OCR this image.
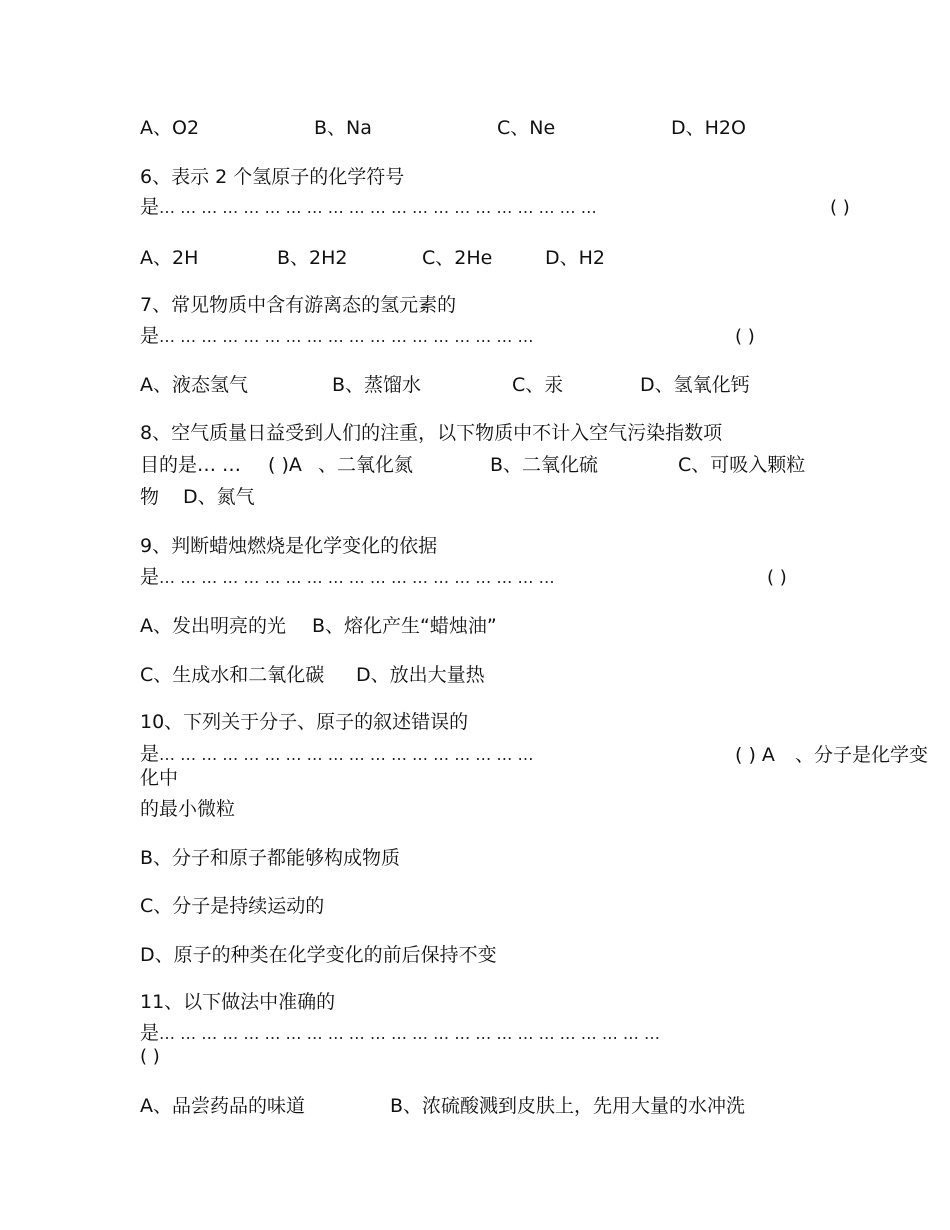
A、O2	B、Na	C、Ne	D、H2O
6、表示 2 个氢原子的化学符号
是… … … … … … … … … … … … … … … … … … … … …	( )
A、2H	B、2H2	C、2He	D、H2
7、常见物质中含有游离态的氢元素的
是… … … … … … … … … … … … … … … … … …	( )
A、液态氢气	B、蒸馏水	C、汞	D、氢氧化钙
8、空气质量日益受到人们的注重，以下物质中不计入空气污染指数项
目的是… … ( )A 、二氧化氮	B、二氧化硫	C、可吸入颗粒
物 D、氮气
9、判断蜡烛燃烧是化学变化的依据
是… … … … … … … … … … … … … … … … … … …	( )
A、发出明亮的光 B、熔化产生“蜡烛油”
C、生成水和二氧化碳 D、放出大量热
10、下列关于分子、原子的叙述错误的
是… … … … … … … … … … … … … … … … … …	( ) A 、分子是化学变
化中
的最小微粒
B、分子和原子都能够构成物质
C、分子是持续运动的
D、原子的种类在化学变化的前后保持不变
11、以下做法中准确的
是… … … … … … … … … … … … … … … … … … … … … … … …
( )
A、品尝药品的味道	B、浓硫酸溅到皮肤上，先用大量的水冲洗
